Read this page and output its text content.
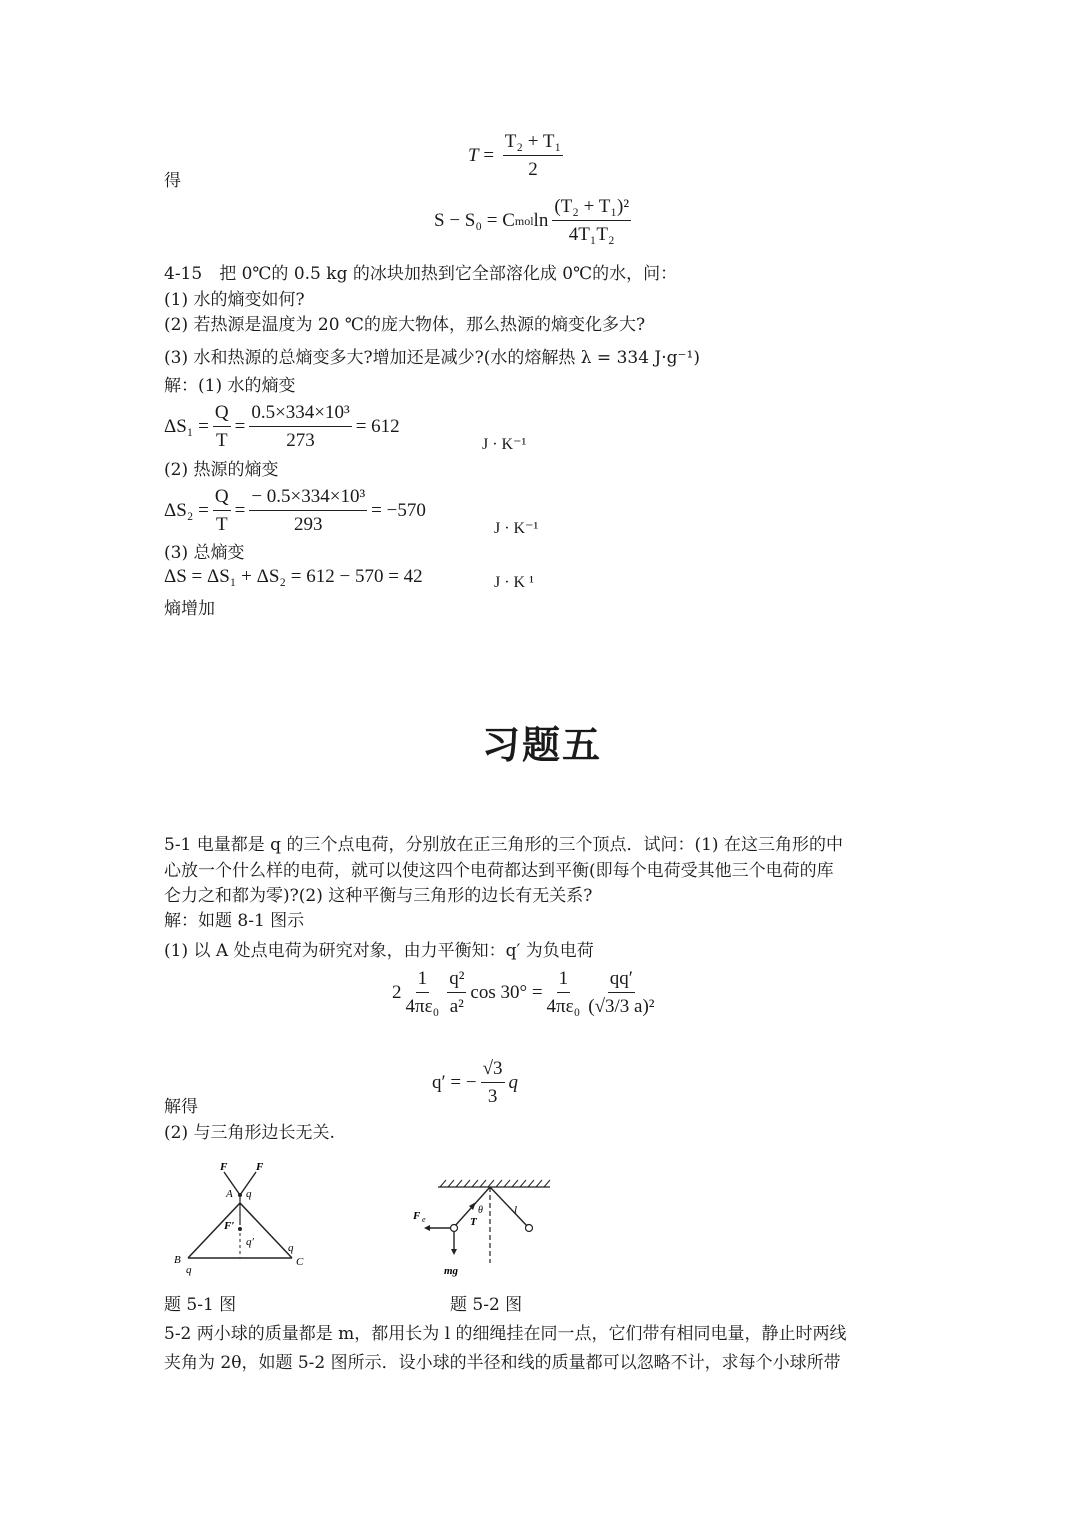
$T = \frac{\text{T₂ + T₁}}{2}$
得
S − S₀ = C mol $\ln \frac{\text{(T₂ + T₁)²}}{\text{4T₁T₂}}$
4-15　把 0℃的 0.5 kg 的冰块加热到它全部溶化成 0℃的水，问：
(1) 水的熵变如何?
(2) 若热源是温度为 20 ℃的庞大物体，那么热源的熵变化多大?
(3) 水和热源的总熵变多大?增加还是减少?(水的熔解热 λ = 334 J·g⁻¹)
解：(1) 水的熵变
$\Delta S_1 = \frac{Q}{T} = \frac{\text{0.5×334×10³}}{273} = 612$
J · K⁻¹
(2) 热源的熵变
$\Delta S_2 = \frac{Q}{T} = \frac{\text{− 0.5×334×10³}}{293} = -570$
J · K⁻¹
(3) 总熵变
ΔS = ΔS₁ + ΔS₂ = 612 − 570 = 42	J · K ¹
熵增加
习题五
5-1 电量都是 q 的三个点电荷，分别放在正三角形的三个顶点．试问：(1) 在这三角形的中
心放一个什么样的电荷，就可以使这四个电荷都达到平衡(即每个电荷受其他三个电荷的库
仑力之和都为零)?(2) 这种平衡与三角形的边长有无关系?
解：如题 8-1 图示
(1) 以 A 处点电荷为研究对象，由力平衡知：q′ 为负电荷
$2 \frac{1}{\text{4πε₀}} \frac{\text{q²}}{\text{a²}}$ $\cos 30^\circ = \frac{1}{\text{4πε₀}} \frac{qq'}{\text{(√3/3 a)²}}$
q′ = − $\frac{√3}{3}$ q
解得
(2) 与三角形边长无关.
F	F
A q
F′
q′
B
q
q
C
F e	T
θ	l
mg
题 5-1 图	题 5-2 图
5-2 两小球的质量都是 m，都用长为 l 的细绳挂在同一点，它们带有相同电量，静止时两线
夹角为 2θ，如题 5-2 图所示．设小球的半径和线的质量都可以忽略不计，求每个小球所带
